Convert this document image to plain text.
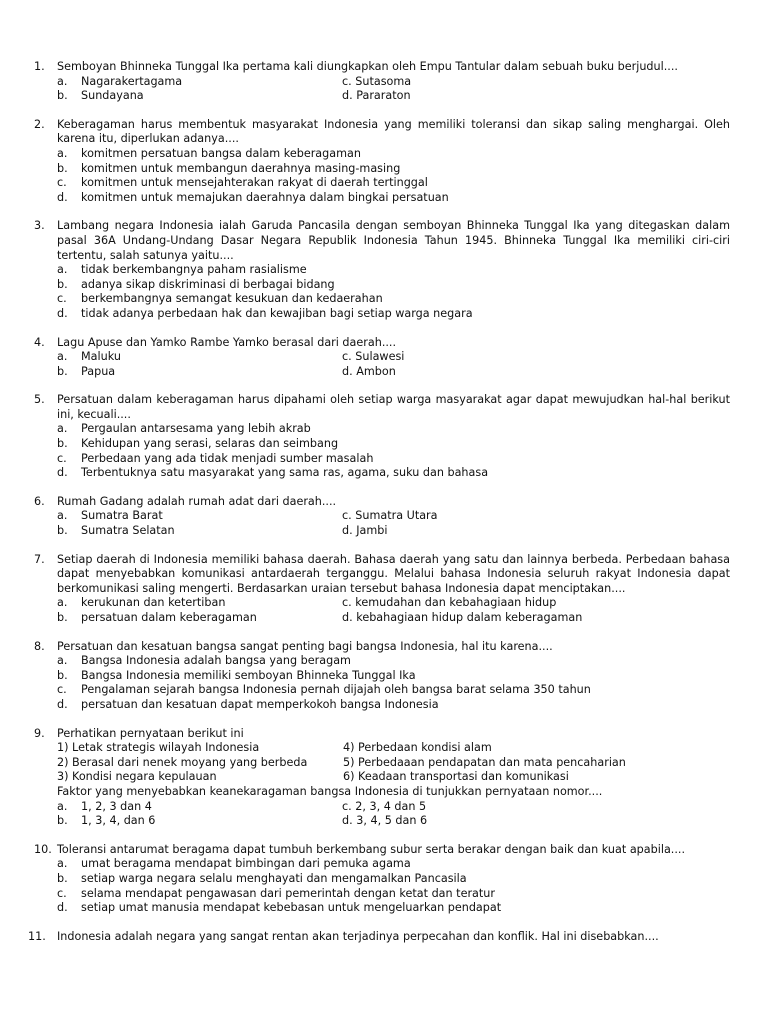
1.	Semboyan Bhinneka Tunggal Ika pertama kali diungkapkan oleh Empu Tantular dalam sebuah buku berjudul....
a.	Nagarakertagama	c. Sutasoma
b.	Sundayana	d. Pararaton
2.	Keberagaman harus membentuk masyarakat Indonesia yang memiliki toleransi dan sikap saling menghargai. Oleh karena itu, diperlukan adanya....
a.	komitmen persatuan bangsa dalam keberagaman
b.	komitmen untuk membangun daerahnya masing-masing
c.	komitmen untuk mensejahterakan rakyat di daerah tertinggal
d.	komitmen untuk memajukan daerahnya dalam bingkai persatuan
3.	Lambang negara Indonesia ialah Garuda Pancasila dengan semboyan Bhinneka Tunggal Ika yang ditegaskan dalam pasal 36A Undang-Undang Dasar Negara Republik Indonesia Tahun 1945. Bhinneka Tunggal Ika memiliki ciri-ciri tertentu, salah satunya yaitu....
a.	tidak berkembangnya paham rasialisme
b.	adanya sikap diskriminasi di berbagai bidang
c.	berkembangnya semangat kesukuan dan kedaerahan
d.	tidak adanya perbedaan hak dan kewajiban bagi setiap warga negara
4.	Lagu Apuse dan Yamko Rambe Yamko berasal dari daerah....
a.	Maluku	c. Sulawesi
b.	Papua	d. Ambon
5.	Persatuan dalam keberagaman harus dipahami oleh setiap warga masyarakat agar dapat mewujudkan hal-hal berikut ini, kecuali....
a.	Pergaulan antarsesama yang lebih akrab
b.	Kehidupan yang serasi, selaras dan seimbang
c.	Perbedaan yang ada tidak menjadi sumber masalah
d.	Terbentuknya satu masyarakat yang sama ras, agama, suku dan bahasa
6.	Rumah Gadang adalah rumah adat dari daerah....
a.	Sumatra Barat	c. Sumatra Utara
b.	Sumatra Selatan	d. Jambi
7.	Setiap daerah di Indonesia memiliki bahasa daerah. Bahasa daerah yang satu dan lainnya berbeda. Perbedaan bahasa dapat menyebabkan komunikasi antardaerah terganggu. Melalui bahasa Indonesia seluruh rakyat Indonesia dapat berkomunikasi saling mengerti. Berdasarkan uraian tersebut bahasa Indonesia dapat menciptakan....
a.	kerukunan dan ketertiban	c. kemudahan dan kebahagiaan hidup
b.	persatuan dalam keberagaman	d. kebahagiaan hidup dalam keberagaman
8.	Persatuan dan kesatuan bangsa sangat penting bagi bangsa Indonesia, hal itu karena....
a.	Bangsa Indonesia adalah bangsa yang beragam
b.	Bangsa Indonesia memiliki semboyan Bhinneka Tunggal Ika
c.	Pengalaman sejarah bangsa Indonesia pernah dijajah oleh bangsa barat selama 350 tahun
d.	persatuan dan kesatuan dapat memperkokoh bangsa Indonesia
9.	Perhatikan pernyataan berikut ini
1) Letak strategis wilayah Indonesia	4) Perbedaan kondisi alam
2) Berasal dari nenek moyang yang berbeda	5) Perbedaaan pendapatan dan mata pencaharian
3) Kondisi negara kepulauan	6) Keadaan transportasi dan komunikasi
Faktor yang menyebabkan keanekaragaman bangsa Indonesia di tunjukkan pernyataan nomor....
a.	1, 2, 3 dan 4	c. 2, 3, 4 dan 5
b.	1, 3, 4, dan 6	d. 3, 4, 5 dan 6
10. Toleransi antarumat beragama dapat tumbuh berkembang subur serta berakar dengan baik dan kuat apabila....
a.	umat beragama mendapat bimbingan dari pemuka agama
b.	setiap warga negara selalu menghayati dan mengamalkan Pancasila
c.	selama mendapat pengawasan dari pemerintah dengan ketat dan teratur
d.	setiap umat manusia mendapat kebebasan untuk mengeluarkan pendapat
11.	Indonesia adalah negara yang sangat rentan akan terjadinya perpecahan dan konflik. Hal ini disebabkan....
